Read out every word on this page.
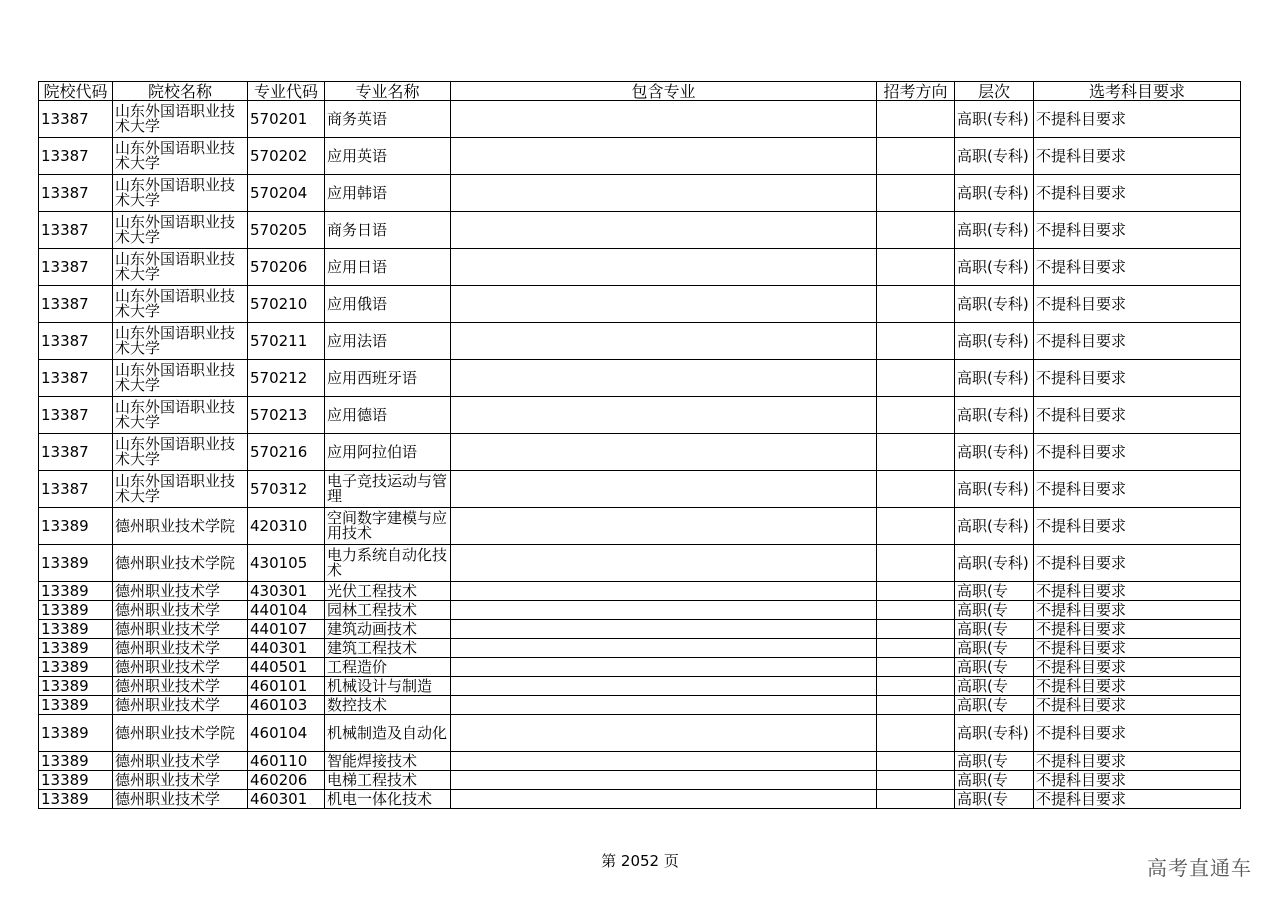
院校代码	院校名称	专业代码	专业名称	包含专业	招考方向	层次	选考科目要求
13387	山东外国语职业技术大学	570201	商务英语			高职(专科)	不提科目要求
13387	山东外国语职业技术大学	570202	应用英语			高职(专科)	不提科目要求
13387	山东外国语职业技术大学	570204	应用韩语			高职(专科)	不提科目要求
13387	山东外国语职业技术大学	570205	商务日语			高职(专科)	不提科目要求
13387	山东外国语职业技术大学	570206	应用日语			高职(专科)	不提科目要求
13387	山东外国语职业技术大学	570210	应用俄语			高职(专科)	不提科目要求
13387	山东外国语职业技术大学	570211	应用法语			高职(专科)	不提科目要求
13387	山东外国语职业技术大学	570212	应用西班牙语			高职(专科)	不提科目要求
13387	山东外国语职业技术大学	570213	应用德语			高职(专科)	不提科目要求
13387	山东外国语职业技术大学	570216	应用阿拉伯语			高职(专科)	不提科目要求
13387	山东外国语职业技术大学	570312	电子竞技运动与管理			高职(专科)	不提科目要求
13389	德州职业技术学院	420310	空间数字建模与应用技术			高职(专科)	不提科目要求
13389	德州职业技术学院	430105	电力系统自动化技术			高职(专科)	不提科目要求
13389	德州职业技术学	430301	光伏工程技术			高职(专	不提科目要求
13389	德州职业技术学	440104	园林工程技术			高职(专	不提科目要求
13389	德州职业技术学	440107	建筑动画技术			高职(专	不提科目要求
13389	德州职业技术学	440301	建筑工程技术			高职(专	不提科目要求
13389	德州职业技术学	440501	工程造价			高职(专	不提科目要求
13389	德州职业技术学	460101	机械设计与制造			高职(专	不提科目要求
13389	德州职业技术学	460103	数控技术			高职(专	不提科目要求
13389	德州职业技术学院	460104	机械制造及自动化			高职(专科)	不提科目要求
13389	德州职业技术学	460110	智能焊接技术			高职(专	不提科目要求
13389	德州职业技术学	460206	电梯工程技术			高职(专	不提科目要求
13389	德州职业技术学	460301	机电一体化技术			高职(专	不提科目要求
第 2052 页	高考直通车
